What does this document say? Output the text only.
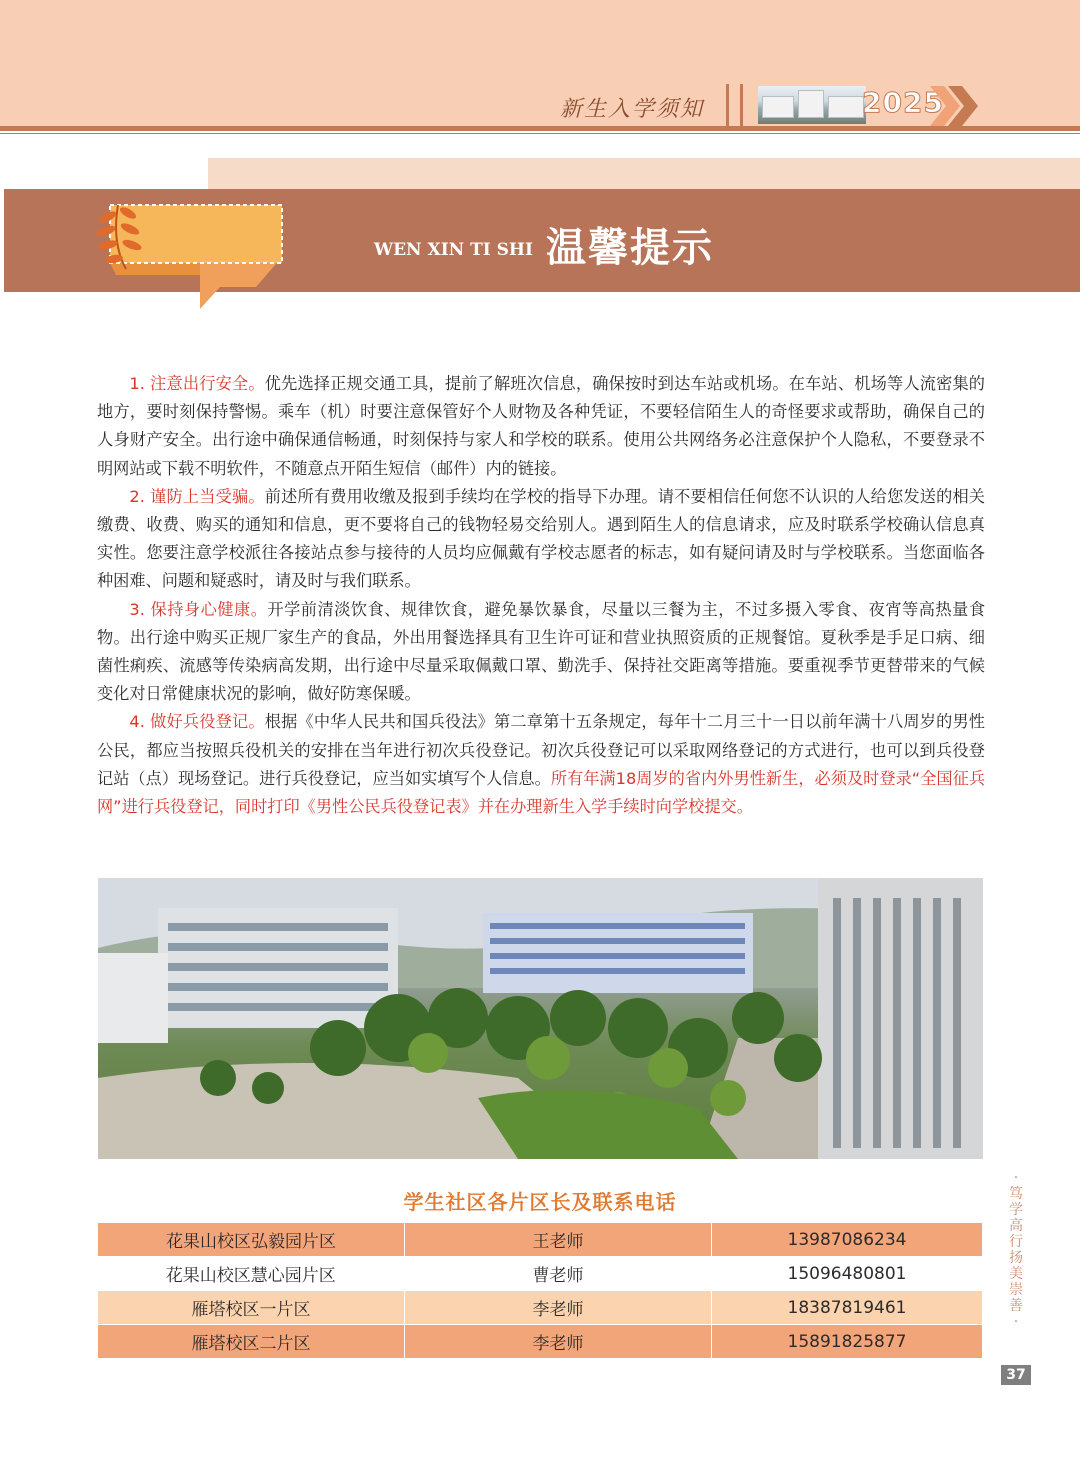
新生入学须知	2025
WEN XIN TI SHI 温馨提示

1. 注意出行安全。优先选择正规交通工具，提前了解班次信息，确保按时到达车站或机场。在车站、机场等人流密集的地方，要时刻保持警惕。乘车（机）时要注意保管好个人财物及各种凭证，不要轻信陌生人的奇怪要求或帮助，确保自己的人身财产安全。出行途中确保通信畅通，时刻保持与家人和学校的联系。使用公共网络务必注意保护个人隐私，不要登录不明网站或下载不明软件，不随意点开陌生短信（邮件）内的链接。

2. 谨防上当受骗。前述所有费用收缴及报到手续均在学校的指导下办理。请不要相信任何您不认识的人给您发送的相关缴费、收费、购买的通知和信息，更不要将自己的钱物轻易交给别人。遇到陌生人的信息请求，应及时联系学校确认信息真实性。您要注意学校派往各接站点参与接待的人员均应佩戴有学校志愿者的标志，如有疑问请及时与学校联系。当您面临各种困难、问题和疑惑时，请及时与我们联系。

3. 保持身心健康。开学前清淡饮食、规律饮食，避免暴饮暴食，尽量以三餐为主，不过多摄入零食、夜宵等高热量食物。出行途中购买正规厂家生产的食品，外出用餐选择具有卫生许可证和营业执照资质的正规餐馆。夏秋季是手足口病、细菌性痢疾、流感等传染病高发期，出行途中尽量采取佩戴口罩、勤洗手、保持社交距离等措施。要重视季节更替带来的气候变化对日常健康状况的影响，做好防寒保暖。

4. 做好兵役登记。根据《中华人民共和国兵役法》第二章第十五条规定，每年十二月三十一日以前年满十八周岁的男性公民，都应当按照兵役机关的安排在当年进行初次兵役登记。初次兵役登记可以采取网络登记的方式进行，也可以到兵役登记站（点）现场登记。进行兵役登记，应当如实填写个人信息。所有年满18周岁的省内外男性新生，必须及时登录“全国征兵网”进行兵役登记，同时打印《男性公民兵役登记表》并在办理新生入学手续时向学校提交。

学生社区各片区长及联系电话
花果山校区弘毅园片区	王老师	13987086234
花果山校区慧心园片区	曹老师	15096480801
雁塔校区一片区	李老师	18387819461
雁塔校区二片区	李老师	15891825877
·
笃
学
高
行
扬
美
崇
善
·
37
